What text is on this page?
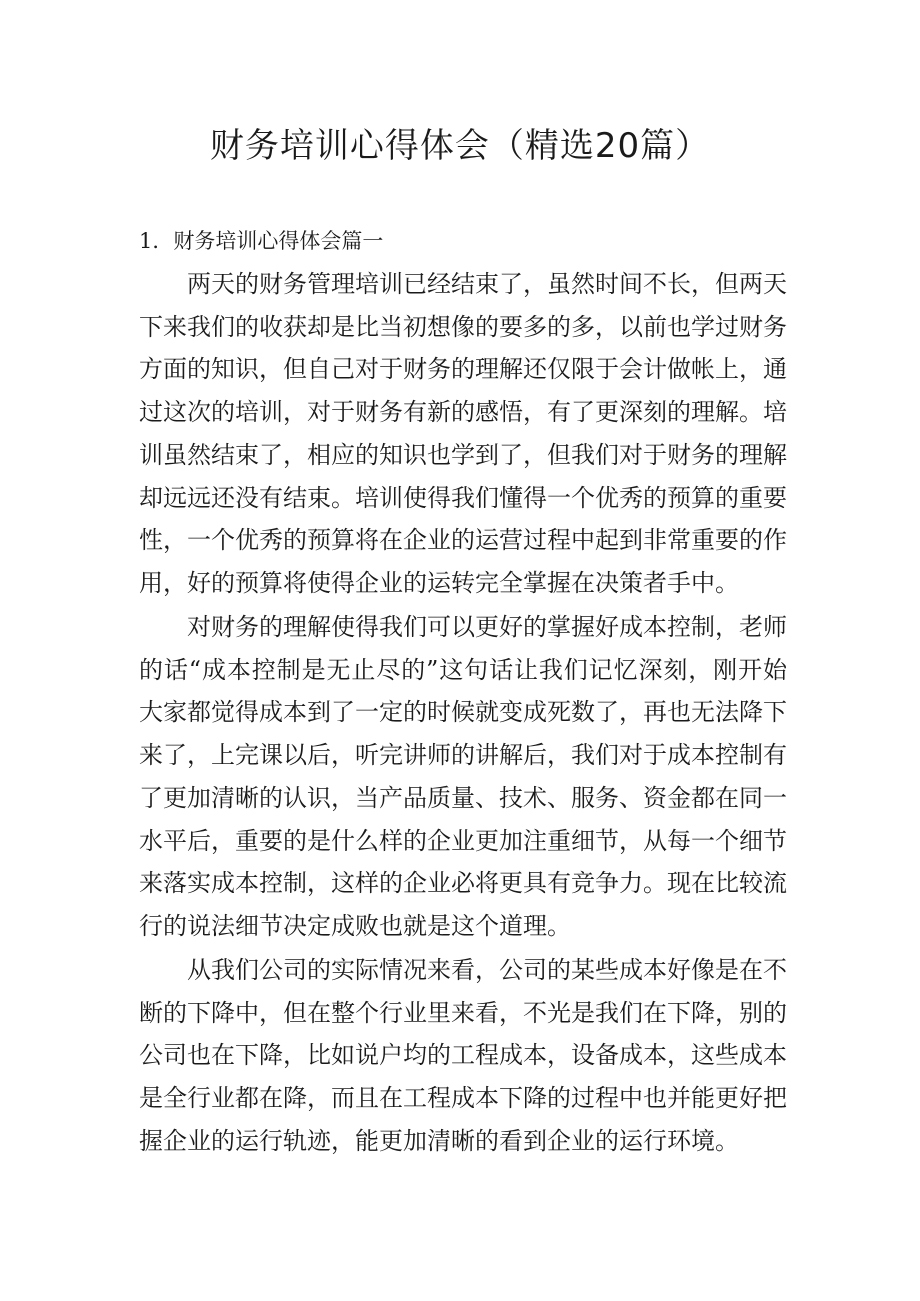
财务培训心得体会（精选20篇）

1．财务培训心得体会篇一

两天的财务管理培训已经结束了，虽然时间不长，但两天下来我们的收获却是比当初想像的要多的多，以前也学过财务方面的知识，但自己对于财务的理解还仅限于会计做帐上，通过这次的培训，对于财务有新的感悟，有了更深刻的理解。培训虽然结束了，相应的知识也学到了，但我们对于财务的理解却远远还没有结束。培训使得我们懂得一个优秀的预算的重要性，一个优秀的预算将在企业的运营过程中起到非常重要的作用，好的预算将使得企业的运转完全掌握在决策者手中。

对财务的理解使得我们可以更好的掌握好成本控制，老师的话“成本控制是无止尽的”这句话让我们记忆深刻，刚开始大家都觉得成本到了一定的时候就变成死数了，再也无法降下来了，上完课以后，听完讲师的讲解后，我们对于成本控制有了更加清晰的认识，当产品质量、技术、服务、资金都在同一水平后，重要的是什么样的企业更加注重细节，从每一个细节来落实成本控制，这样的企业必将更具有竞争力。现在比较流行的说法细节决定成败也就是这个道理。

从我们公司的实际情况来看，公司的某些成本好像是在不断的下降中，但在整个行业里来看，不光是我们在下降，别的公司也在下降，比如说户均的工程成本，设备成本，这些成本是全行业都在降，而且在工程成本下降的过程中也并能更好把握企业的运行轨迹，能更加清晰的看到企业的运行环境。
